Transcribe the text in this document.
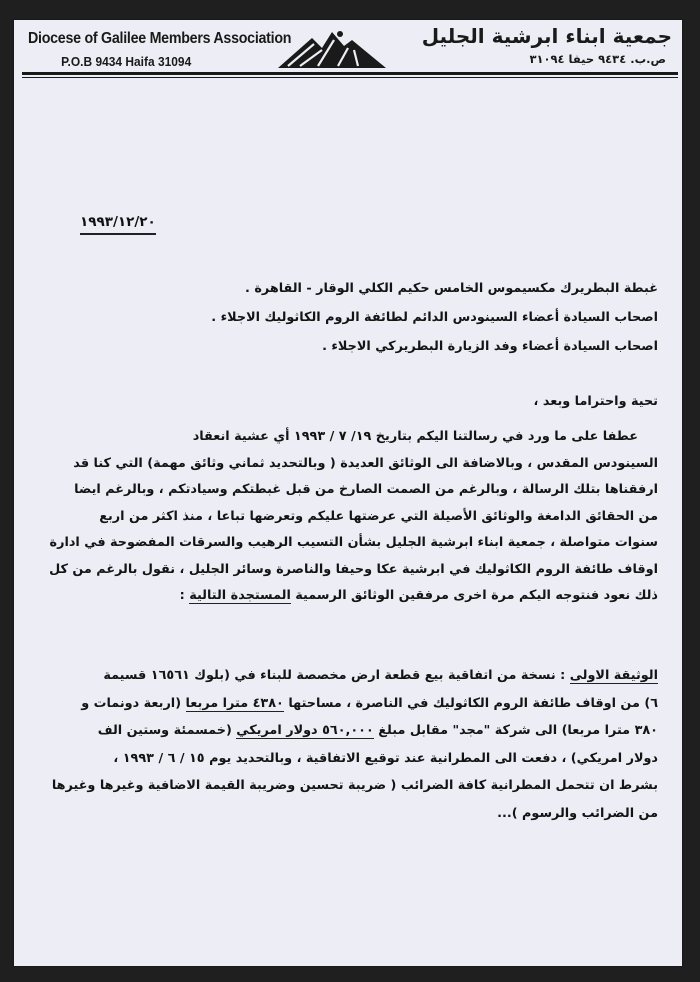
Diocese of Galilee Members Association
P.O.B 9434 Haifa 31094
جمعية ابناء ابرشية الجليل
ص.ب. ٩٤٣٤ حيفا ٣١٠٩٤
١٩٩٣/١٢/٢٠
غبطة البطريرك مكسيموس الخامس حكيم الكلي الوقار - القاهرة .
اصحاب السيادة أعضاء السينودس الدائم لطائفة الروم الكاثوليك الاجلاء .
اصحاب السيادة أعضاء وفد الزيارة البطريركي الاجلاء .
تحية واحتراما وبعد ،
عطفا على ما ورد في رسالتنا اليكم بتاريخ ١٩/ ٧ / ١٩٩٣ أي عشية انعقاد
السينودس المقدس ، وبالاضافة الى الوثائق العديدة ( وبالتحديد ثماني وثائق مهمة) التي كنا قد
ارفقناها بتلك الرسالة ، وبالرغم من الصمت الصارخ من قبل غبطتكم وسيادتكم ، وبالرغم ايضا
من الحقائق الدامغة والوثائق الأصيلة التي عرضتها عليكم وتعرضها تباعا ، منذ اكثر من اربع
سنوات متواصلة ، جمعية ابناء ابرشية الجليل بشأن التسيب الرهيب والسرقات المفضوحة في ادارة
اوقاف طائفة الروم الكاثوليك في ابرشية عكا وحيفا والناصرة وسائر الجليل ، نقول بالرغم من كل
ذلك نعود فنتوجه اليكم مرة اخرى مرفقين الوثائق الرسمية المستجدة التالية :
الوثيقة الاولى : نسخة من اتفاقية بيع قطعة ارض مخصصة للبناء في (بلوك ١٦٥٦١ قسيمة
٦) من اوقاف طائفة الروم الكاثوليك في الناصرة ، مساحتها ٤٣٨٠ مترا مربعا (اربعة دونمات و
٣٨٠ مترا مربعا) الى شركة "مجد" مقابل مبلغ ٥٦٠,٠٠٠ دولار امريكي (خمسمئة وستين الف
دولار امريكي) ، دفعت الى المطرانية عند توقيع الاتفاقية ، وبالتحديد يوم ١٥ / ٦ / ١٩٩٣ ،
بشرط ان تتحمل المطرانية كافة الضرائب ( ضريبة تحسين وضريبة القيمة الاضافية وغيرها وغيرها
من الضرائب والرسوم )...
